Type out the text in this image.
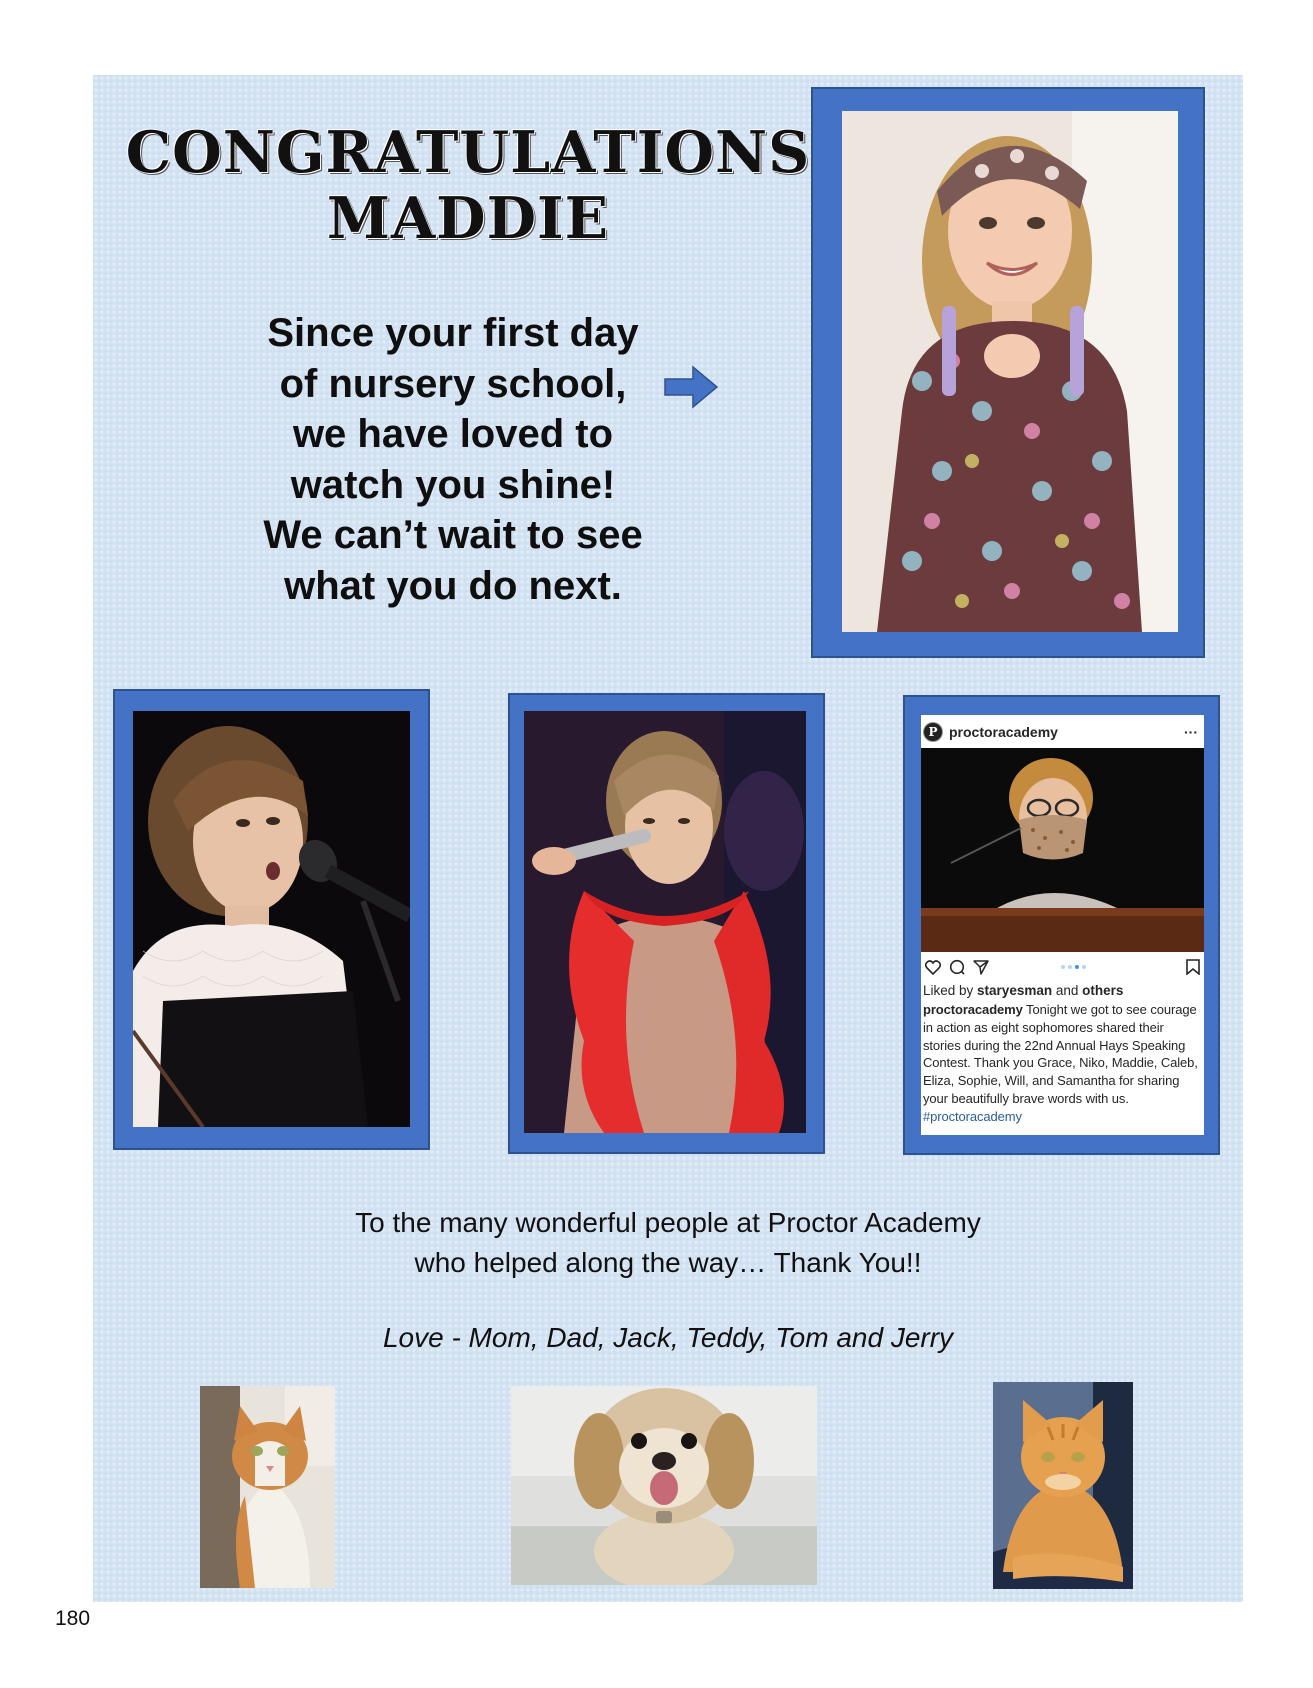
CONGRATULATIONS
MADDIE
Since your first day
of nursery school,
we have loved to
watch you shine!
We can’t wait to see
what you do next.
P proctoracademy	···
Liked by staryesman and others
proctoracademy Tonight we got to see courage in action as eight sophomores shared their stories during the 22nd Annual Hays Speaking Contest. Thank you Grace, Niko, Maddie, Caleb, Eliza, Sophie, Will, and Samantha for sharing your beautifully brave words with us. #proctoracademy
To the many wonderful people at Proctor Academy
who helped along the way… Thank You!!
Love - Mom, Dad, Jack, Teddy, Tom and Jerry
180
